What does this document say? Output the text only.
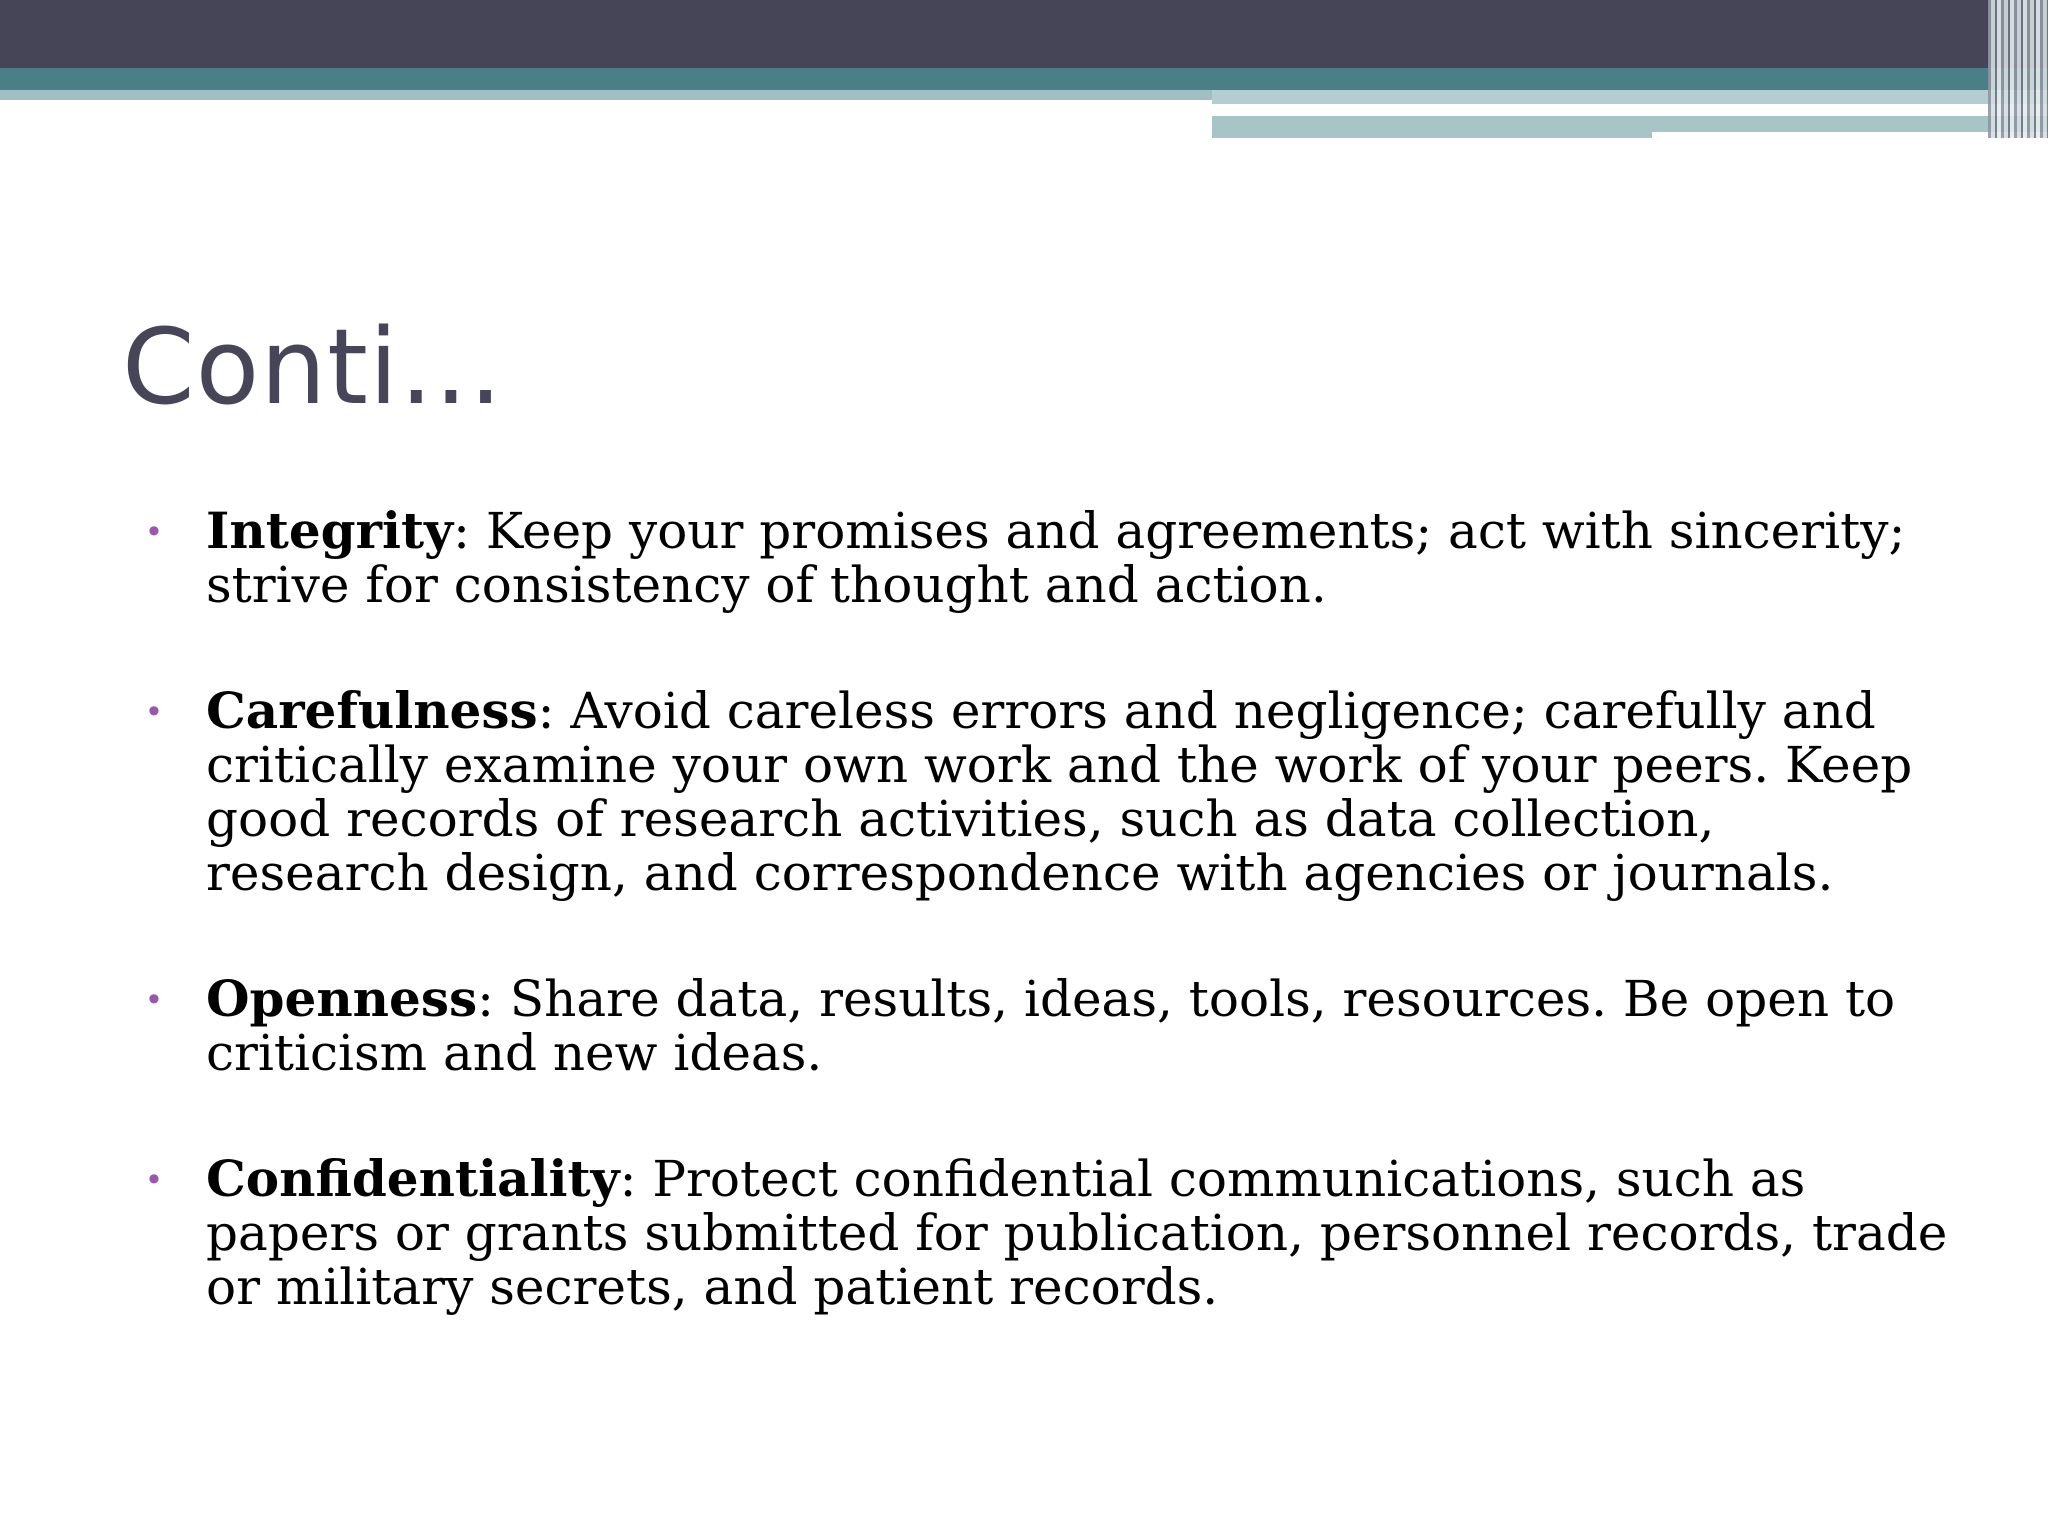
Conti…
• Integrity: Keep your promises and agreements; act with sincerity; strive for consistency of thought and action.
• Carefulness: Avoid careless errors and negligence; carefully and critically examine your own work and the work of your peers. Keep good records of research activities, such as data collection, research design, and correspondence with agencies or journals.
• Openness: Share data, results, ideas, tools, resources. Be open to criticism and new ideas.
• Confidentiality: Protect confidential communications, such as papers or grants submitted for publication, personnel records, trade or military secrets, and patient records.
